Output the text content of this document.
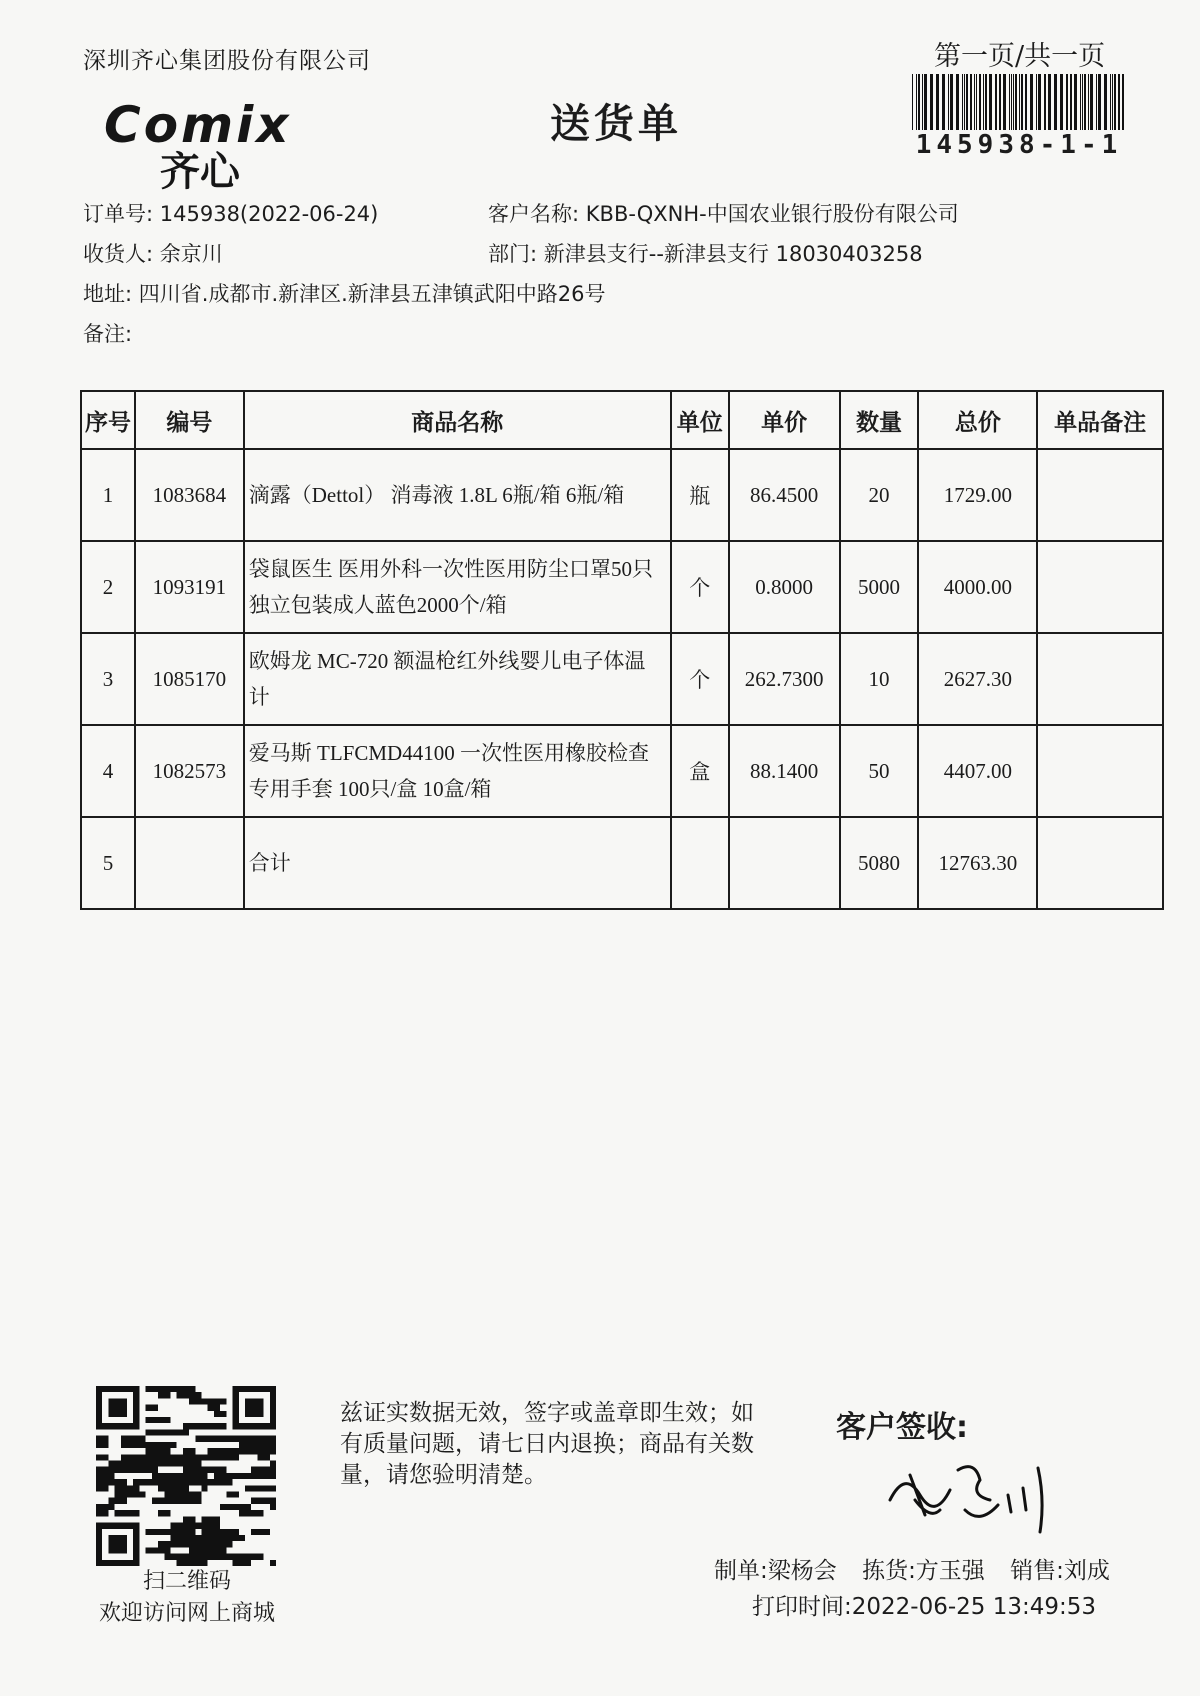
深圳齐心集团股份有限公司	第一页/共一页
145938-1-1
Comix
齐心
送货单
订单号: 145938(2022-06-24)	客户名称: KBB-QXNH-中国农业银行股份有限公司
收货人: 余京川	部门: 新津县支行--新津县支行 18030403258
地址: 四川省.成都市.新津区.新津县五津镇武阳中路26号
备注:
序号	编号	商品名称	单位	单价	数量	总价	单品备注
1	1083684	滴露（Dettol） 消毒液 1.8L 6瓶/箱 6瓶/箱	瓶	86.4500	20	1729.00	
2	1093191	袋鼠医生 医用外科一次性医用防尘口罩50只独立包装成人蓝色2000个/箱	个	0.8000	5000	4000.00	
3	1085170	欧姆龙 MC-720 额温枪红外线婴儿电子体温计	个	262.7300	10	2627.30	
4	1082573	爱马斯 TLFCMD44100 一次性医用橡胶检查专用手套 100只/盒 10盒/箱	盒	88.1400	50	4407.00	
5		合计			5080	12763.30	
扫二维码
欢迎访问网上商城
兹证实数据无效，签字或盖章即生效；如有质量问题，请七日内退换；商品有关数量，请您验明清楚。
客户签收:
制单:梁杨会 拣货:方玉强 销售:刘成
打印时间:2022-06-25 13:49:53
